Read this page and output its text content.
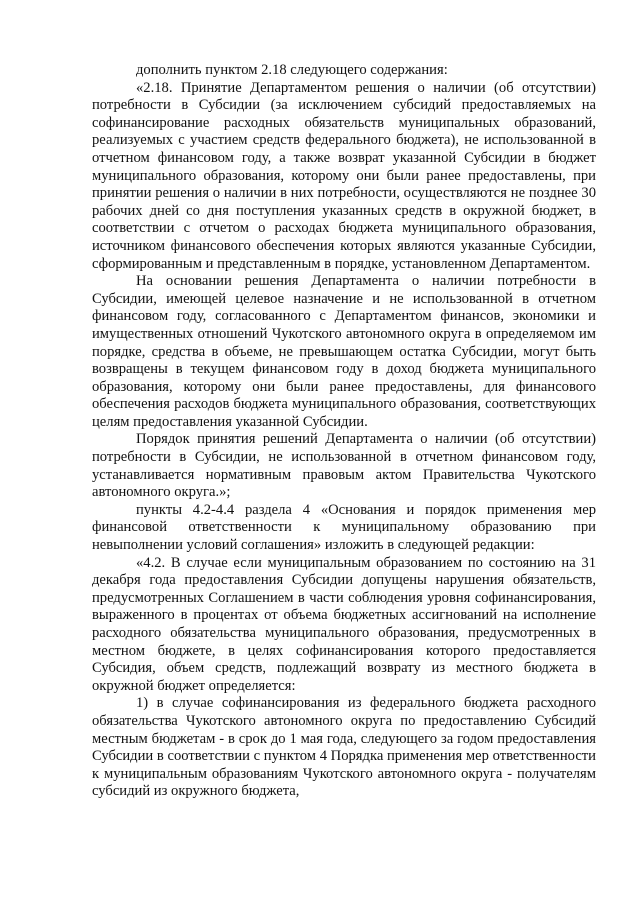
дополнить пунктом 2.18 следующего содержания:

«2.18. Принятие Департаментом решения о наличии (об отсутствии) потребности в Субсидии (за исключением субсидий предоставляемых на софинансирование расходных обязательств муниципальных образований, реализуемых с участием средств федерального бюджета), не использованной в отчетном финансовом году, а также возврат указанной Субсидии в бюджет муниципального образования, которому они были ранее предоставлены, при принятии решения о наличии в них потребности, осуществляются не позднее 30 рабочих дней со дня поступления указанных средств в окружной бюджет, в соответствии с отчетом о расходах бюджета муниципального образования, источником финансового обеспечения которых являются указанные Субсидии, сформированным и представленным в порядке, установленном Департаментом.

На основании решения Департамента о наличии потребности в Субсидии, имеющей целевое назначение и не использованной в отчетном финансовом году, согласованного с Департаментом финансов, экономики и имущественных отношений Чукотского автономного округа в определяемом им порядке, средства в объеме, не превышающем остатка Субсидии, могут быть возвращены в текущем финансовом году в доход бюджета муниципального образования, которому они были ранее предоставлены, для финансового обеспечения расходов бюджета муниципального образования, соответствующих целям предоставления указанной Субсидии.

Порядок принятия решений Департамента о наличии (об отсутствии) потребности в Субсидии, не использованной в отчетном финансовом году, устанавливается нормативным правовым актом Правительства Чукотского автономного округа.»;

пункты 4.2-4.4 раздела 4 «Основания и порядок применения мер финансовой ответственности к муниципальному образованию при невыполнении условий соглашения» изложить в следующей редакции:

«4.2. В случае если муниципальным образованием по состоянию на 31 декабря года предоставления Субсидии допущены нарушения обязательств, предусмотренных Соглашением в части соблюдения уровня софинансирования, выраженного в процентах от объема бюджетных ассигнований на исполнение расходного обязательства муниципального образования, предусмотренных в местном бюджете, в целях софинансирования которого предоставляется Субсидия, объем средств, подлежащий возврату из местного бюджета в окружной бюджет определяется:

1) в случае софинансирования из федерального бюджета расходного обязательства Чукотского автономного округа по предоставлению Субсидий местным бюджетам - в срок до 1 мая года, следующего за годом предоставления Субсидии в соответствии с пунктом 4 Порядка применения мер ответственности к муниципальным образованиям Чукотского автономного округа - получателям субсидий из окружного бюджета,
